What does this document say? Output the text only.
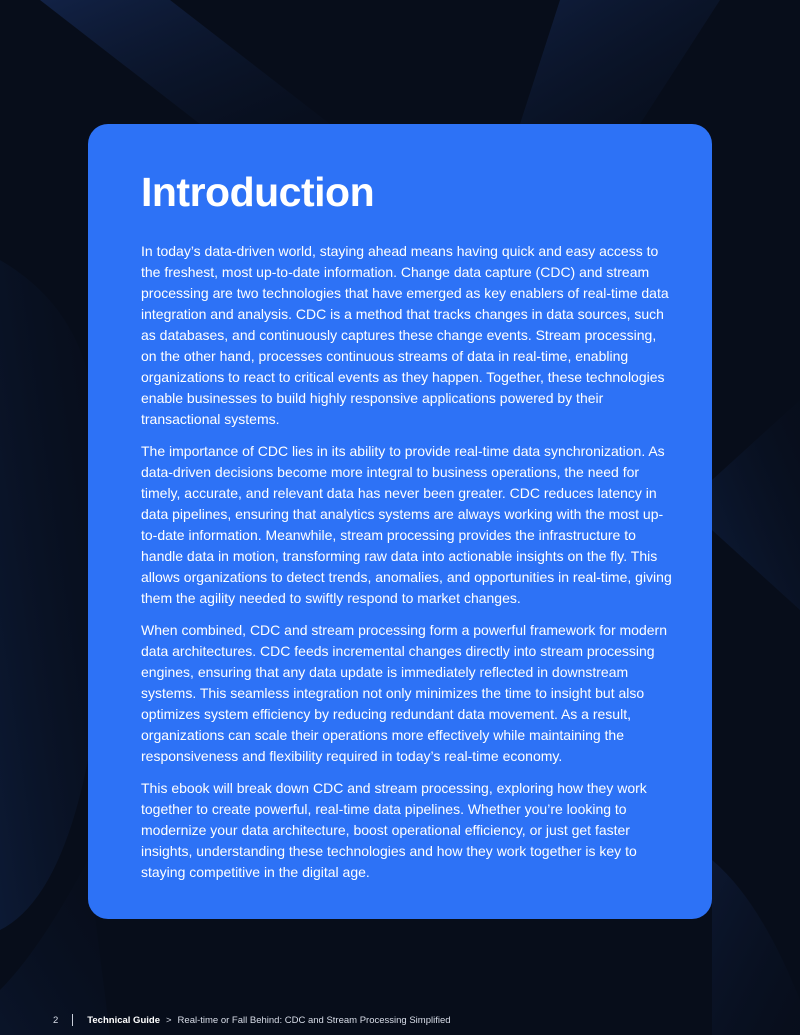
Introduction

In today’s data-driven world, staying ahead means having quick and easy access to the freshest, most up-to-date information. Change data capture (CDC) and stream processing are two technologies that have emerged as key enablers of real-time data integration and analysis. CDC is a method that tracks changes in data sources, such as databases, and continuously captures these change events. Stream processing, on the other hand, processes continuous streams of data in real-time, enabling organizations to react to critical events as they happen. Together, these technologies enable businesses to build highly responsive applications powered by their transactional systems.

The importance of CDC lies in its ability to provide real-time data synchronization. As data-driven decisions become more integral to business operations, the need for timely, accurate, and relevant data has never been greater. CDC reduces latency in data pipelines, ensuring that analytics systems are always working with the most up-to-date information. Meanwhile, stream processing provides the infrastructure to handle data in motion, transforming raw data into actionable insights on the fly. This allows organizations to detect trends, anomalies, and opportunities in real-time, giving them the agility needed to swiftly respond to market changes.

When combined, CDC and stream processing form a powerful framework for modern data architectures. CDC feeds incremental changes directly into stream processing engines, ensuring that any data update is immediately reflected in downstream systems. This seamless integration not only minimizes the time to insight but also optimizes system efficiency by reducing redundant data movement. As a result, organizations can scale their operations more effectively while maintaining the responsiveness and flexibility required in today’s real-time economy.

This ebook will break down CDC and stream processing, exploring how they work together to create powerful, real-time data pipelines. Whether you’re looking to modernize your data architecture, boost operational efficiency, or just get faster insights, understanding these technologies and how they work together is key to staying competitive in the digital age.

2	Technical Guide > Real-time or Fall Behind: CDC and Stream Processing Simplified
